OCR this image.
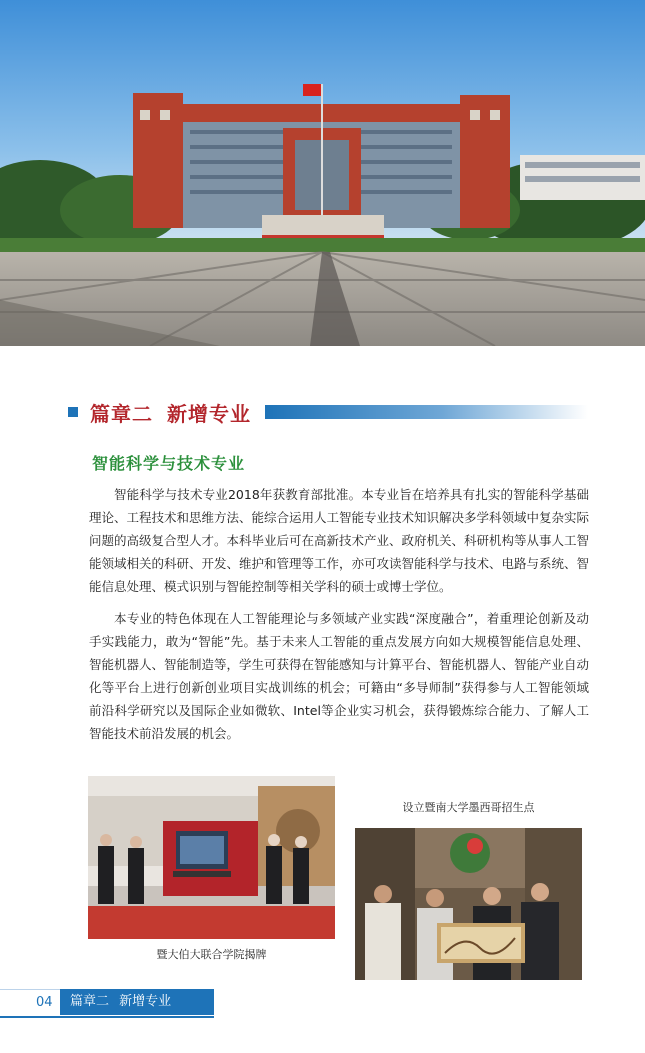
篇章二 新增专业
智能科学与技术专业

智能科学与技术专业2018年获教育部批准。本专业旨在培养具有扎实的智能科学基础理论、工程技术和思维方法、能综合运用人工智能专业技术知识解决多学科领域中复杂实际问题的高级复合型人才。本科毕业后可在高新技术产业、政府机关、科研机构等从事人工智能领域相关的科研、开发、维护和管理等工作，亦可攻读智能科学与技术、电路与系统、智能信息处理、模式识别与智能控制等相关学科的硕士或博士学位。

本专业的特色体现在人工智能理论与多领域产业实践“深度融合”，着重理论创新及动手实践能力，敢为“智能”先。基于未来人工智能的重点发展方向如大规模智能信息处理、智能机器人、智能制造等，学生可获得在智能感知与计算平台、智能机器人、智能产业自动化等平台上进行创新创业项目实战训练的机会；可籍由“多导师制”获得参与人工智能领域前沿科学研究以及国际企业如微软、Intel等企业实习机会，获得锻炼综合能力、了解人工智能技术前沿发展的机会。

暨大伯大联合学院揭牌
设立暨南大学墨西哥招生点
04	篇章二 新增专业
